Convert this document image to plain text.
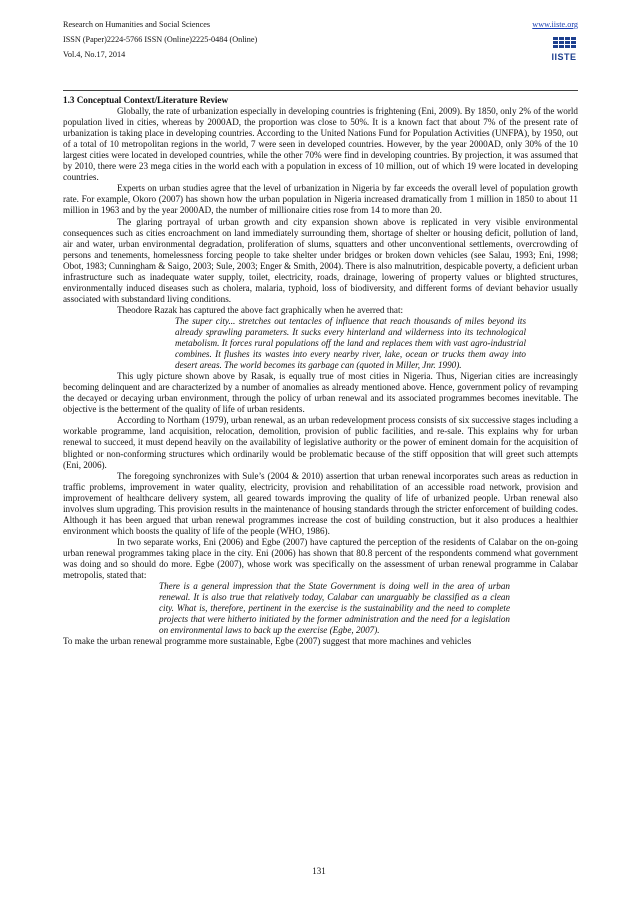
Research on Humanities and Social Sciences
ISSN (Paper)2224-5766 ISSN (Online)2225-0484 (Online)
Vol.4, No.17, 2014
www.iiste.org
IISTE
1.3 Conceptual Context/Literature Review

Globally, the rate of urbanization especially in developing countries is frightening (Eni, 2009). By 1850, only 2% of the world population lived in cities, whereas by 2000AD, the proportion was close to 50%. It is a known fact that about 7% of the present rate of urbanization is taking place in developing countries. According to the United Nations Fund for Population Activities (UNFPA), by 1950, out of a total of 10 metropolitan regions in the world, 7 were seen in developed countries. However, by the year 2000AD, only 30% of the 10 largest cities were located in developed countries, while the other 70% were find in developing countries. By projection, it was assumed that by 2010, there were 23 mega cities in the world each with a population in excess of 10 million, out of which 19 were located in developing countries.

Experts on urban studies agree that the level of urbanization in Nigeria by far exceeds the overall level of population growth rate. For example, Okoro (2007) has shown how the urban population in Nigeria increased dramatically from 1 million in 1850 to about 11 million in 1963 and by the year 2000AD, the number of millionaire cities rose from 14 to more than 20.

The glaring portrayal of urban growth and city expansion shown above is replicated in very visible environmental consequences such as cities encroachment on land immediately surrounding them, shortage of shelter or housing deficit, pollution of land, air and water, urban environmental degradation, proliferation of slums, squatters and other unconventional settlements, overcrowding of persons and tenements, homelessness forcing people to take shelter under bridges or broken down vehicles (see Salau, 1993; Eni, 1998; Obot, 1983; Cunningham & Saigo, 2003; Sule, 2003; Enger & Smith, 2004). There is also malnutrition, despicable poverty, a deficient urban infrastructure such as inadequate water supply, toilet, electricity, roads, drainage, lowering of property values or blighted structures, environmentally induced diseases such as cholera, malaria, typhoid, loss of biodiversity, and different forms of deviant behavior usually associated with substandard living conditions.

Theodore Razak has captured the above fact graphically when he averred that:

The super city... stretches out tentacles of influence that reach thousands of miles beyond its already sprawling parameters. It sucks every hinterland and wilderness into its technological metabolism. It forces rural populations off the land and replaces them with vast agro-industrial combines. It flushes its wastes into every nearby river, lake, ocean or trucks them away into desert areas. The world becomes its garbage can (quoted in Miller, Jnr. 1990).

This ugly picture shown above by Rasak, is equally true of most cities in Nigeria. Thus, Nigerian cities are increasingly becoming delinquent and are characterized by a number of anomalies as already mentioned above. Hence, government policy of revamping the decayed or decaying urban environment, through the policy of urban renewal and its associated programmes becomes inevitable. The objective is the betterment of the quality of life of urban residents.

According to Northam (1979), urban renewal, as an urban redevelopment process consists of six successive stages including a workable programme, land acquisition, relocation, demolition, provision of public facilities, and re-sale. This explains why for urban renewal to succeed, it must depend heavily on the availability of legislative authority or the power of eminent domain for the acquisition of blighted or non-conforming structures which ordinarily would be problematic because of the stiff opposition that will greet such attempts (Eni, 2006).

The foregoing synchronizes with Sule’s (2004 & 2010) assertion that urban renewal incorporates such areas as reduction in traffic problems, improvement in water quality, electricity, provision and rehabilitation of an accessible road network, provision and improvement of healthcare delivery system, all geared towards improving the quality of life of urbanized people. Urban renewal also involves slum upgrading. This provision results in the maintenance of housing standards through the stricter enforcement of building codes. Although it has been argued that urban renewal programmes increase the cost of building construction, but it also produces a healthier environment which boosts the quality of life of the people (WHO, 1986).

In two separate works, Eni (2006) and Egbe (2007) have captured the perception of the residents of Calabar on the on-going urban renewal programmes taking place in the city. Eni (2006) has shown that 80.8 percent of the respondents commend what government was doing and so should do more. Egbe (2007), whose work was specifically on the assessment of urban renewal programme in Calabar metropolis, stated that:

There is a general impression that the State Government is doing well in the area of urban renewal. It is also true that relatively today, Calabar can unarguably be classified as a clean city. What is, therefore, pertinent in the exercise is the sustainability and the need to complete projects that were hitherto initiated by the former administration and the need for a legislation on environmental laws to back up the exercise (Egbe, 2007).

To make the urban renewal programme more sustainable, Egbe (2007) suggest that more machines and vehicles

131
